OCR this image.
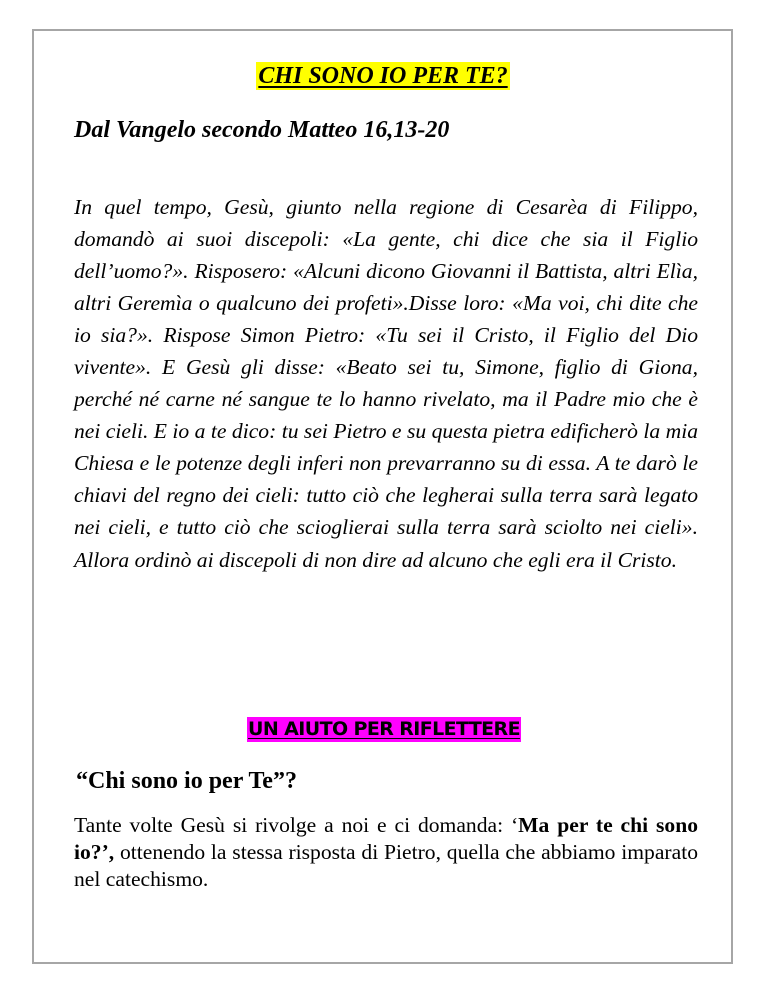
CHI SONO IO PER TE?
Dal Vangelo secondo Matteo 16,13-20

In quel tempo, Gesù, giunto nella regione di Cesarèa di Filippo, domandò ai suoi discepoli: «La gente, chi dice che sia il Figlio dell’uomo?». Risposero: «Alcuni dicono Giovanni il Battista, altri Elìa, altri Geremìa o qualcuno dei profeti».Disse loro: «Ma voi, chi dite che io sia?». Rispose Simon Pietro: «Tu sei il Cristo, il Figlio del Dio vivente». E Gesù gli disse: «Beato sei tu, Simone, figlio di Giona, perché né carne né sangue te lo hanno rivelato, ma il Padre mio che è nei cieli. E io a te dico: tu sei Pietro e su questa pietra edificherò la mia Chiesa e le potenze degli inferi non prevarranno su di essa. A te darò le chiavi del regno dei cieli: tutto ciò che legherai sulla terra sarà legato nei cieli, e tutto ciò che scioglierai sulla terra sarà sciolto nei cieli». Allora ordinò ai discepoli di non dire ad alcuno che egli era il Cristo.

UN AIUTO PER RIFLETTERE
“Chi sono io per Te”?

Tante volte Gesù si rivolge a noi e ci domanda: ‘Ma per te chi sono io?’, ottenendo la stessa risposta di Pietro, quella che abbiamo imparato nel catechismo.
